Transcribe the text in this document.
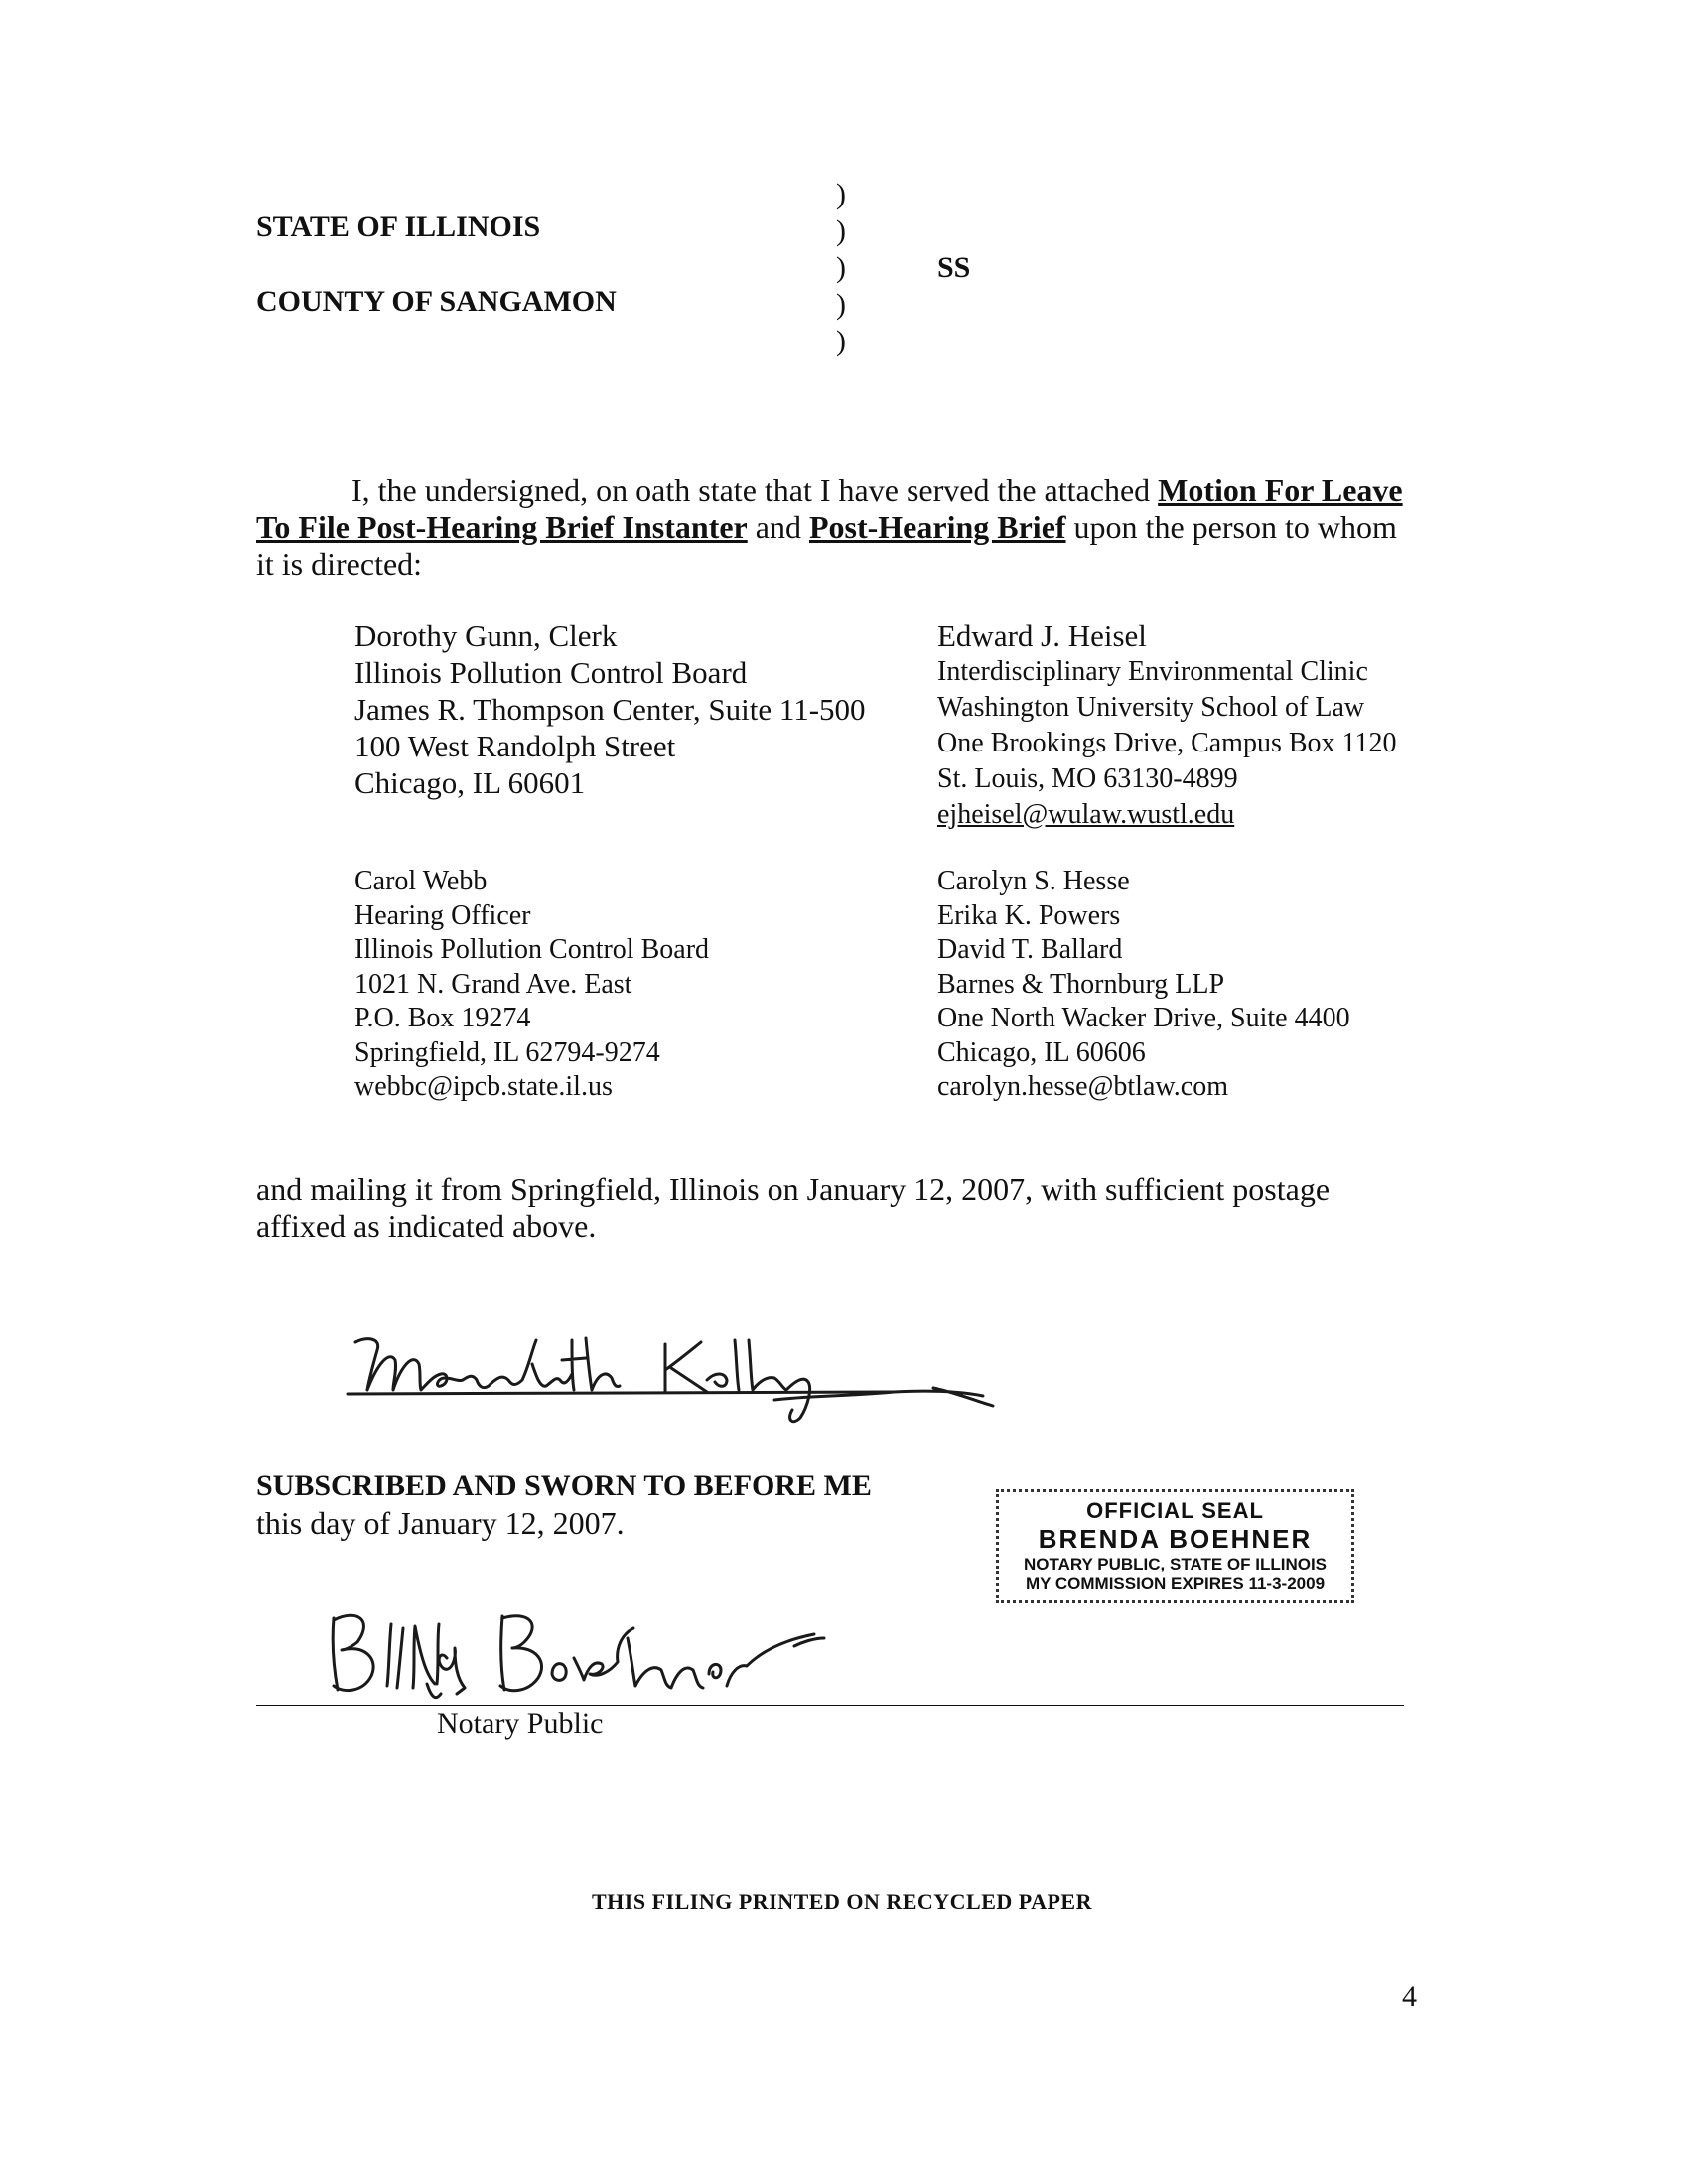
STATE OF ILLINOIS
COUNTY OF SANGAMON
)
)
)
)
)
SS
I, the undersigned, on oath state that I have served the attached Motion For Leave To File Post-Hearing Brief Instanter and Post-Hearing Brief upon the person to whom it is directed:
Dorothy Gunn, Clerk
Illinois Pollution Control Board
James R. Thompson Center, Suite 11-500
100 West Randolph Street
Chicago, IL 60601
Edward J. Heisel
Interdisciplinary Environmental Clinic
Washington University School of Law
One Brookings Drive, Campus Box 1120
St. Louis, MO 63130-4899
ejheisel@wulaw.wustl.edu
Carol Webb
Hearing Officer
Illinois Pollution Control Board
1021 N. Grand Ave. East
P.O. Box 19274
Springfield, IL 62794-9274
webbc@ipcb.state.il.us
Carolyn S. Hesse
Erika K. Powers
David T. Ballard
Barnes & Thornburg LLP
One North Wacker Drive, Suite 4400
Chicago, IL 60606
carolyn.hesse@btlaw.com
and mailing it from Springfield, Illinois on January 12, 2007, with sufficient postage affixed as indicated above.
SUBSCRIBED AND SWORN TO BEFORE ME
this day of January 12, 2007.	OFFICIAL SEAL
BRENDA BOEHNER
NOTARY PUBLIC, STATE OF ILLINOIS
MY COMMISSION EXPIRES 11-3-2009
Notary Public
THIS FILING PRINTED ON RECYCLED PAPER
4
